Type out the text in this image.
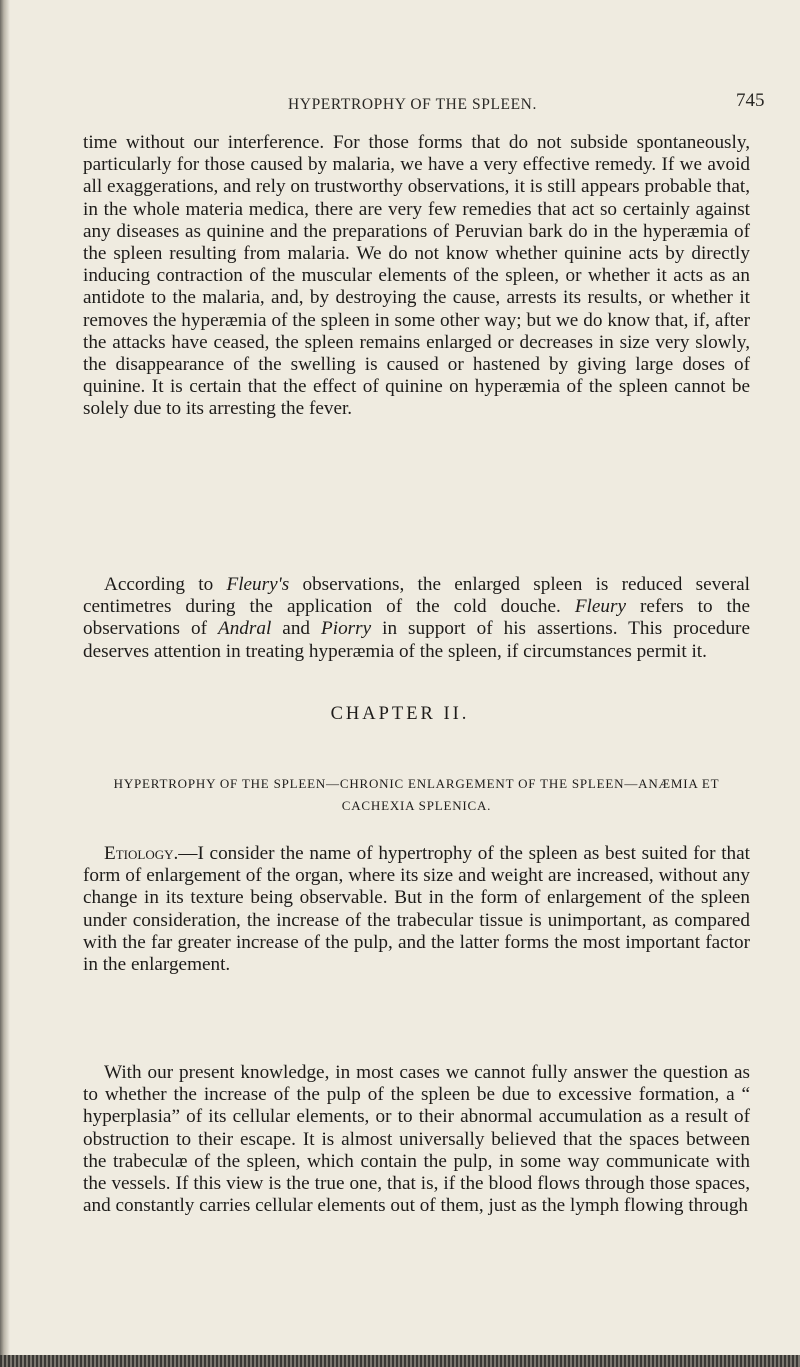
HYPERTROPHY OF THE SPLEEN.	745
time without our interference. For those forms that do not subside spontaneously, particularly for those caused by malaria, we have a very effective remedy. If we avoid all exaggerations, and rely on trustworthy observations, it is still appears probable that, in the whole materia medica, there are very few remedies that act so certainly against any diseases as quinine and the preparations of Peruvian bark do in the hyperæmia of the spleen resulting from malaria. We do not know whether quinine acts by directly inducing contraction of the muscular elements of the spleen, or whether it acts as an antidote to the malaria, and, by destroying the cause, arrests its results, or whether it removes the hyperæmia of the spleen in some other way; but we do know that, if, after the attacks have ceased, the spleen remains enlarged or decreases in size very slowly, the disappearance of the swelling is caused or hastened by giving large doses of quinine. It is certain that the effect of quinine on hyperæmia of the spleen cannot be solely due to its arresting the fever.
According to Fleury's observations, the enlarged spleen is reduced several centimetres during the application of the cold douche. Fleury refers to the observations of Andral and Piorry in support of his assertions. This procedure deserves attention in treating hyperæmia of the spleen, if circumstances permit it.
CHAPTER II.
HYPERTROPHY OF THE SPLEEN—CHRONIC ENLARGEMENT OF THE SPLEEN—ANÆMIA ET CACHEXIA SPLENICA.
Etiology.—I consider the name of hypertrophy of the spleen as best suited for that form of enlargement of the organ, where its size and weight are increased, without any change in its texture being observable. But in the form of enlargement of the spleen under consideration, the increase of the trabecular tissue is unimportant, as compared with the far greater increase of the pulp, and the latter forms the most important factor in the enlargement.
With our present knowledge, in most cases we cannot fully answer the question as to whether the increase of the pulp of the spleen be due to excessive formation, a “ hyperplasia” of its cellular elements, or to their abnormal accumulation as a result of obstruction to their escape. It is almost universally believed that the spaces between the trabeculæ of the spleen, which contain the pulp, in some way communicate with the vessels. If this view is the true one, that is, if the blood flows through those spaces, and constantly carries cellular elements out of them, just as the lymph flowing through
